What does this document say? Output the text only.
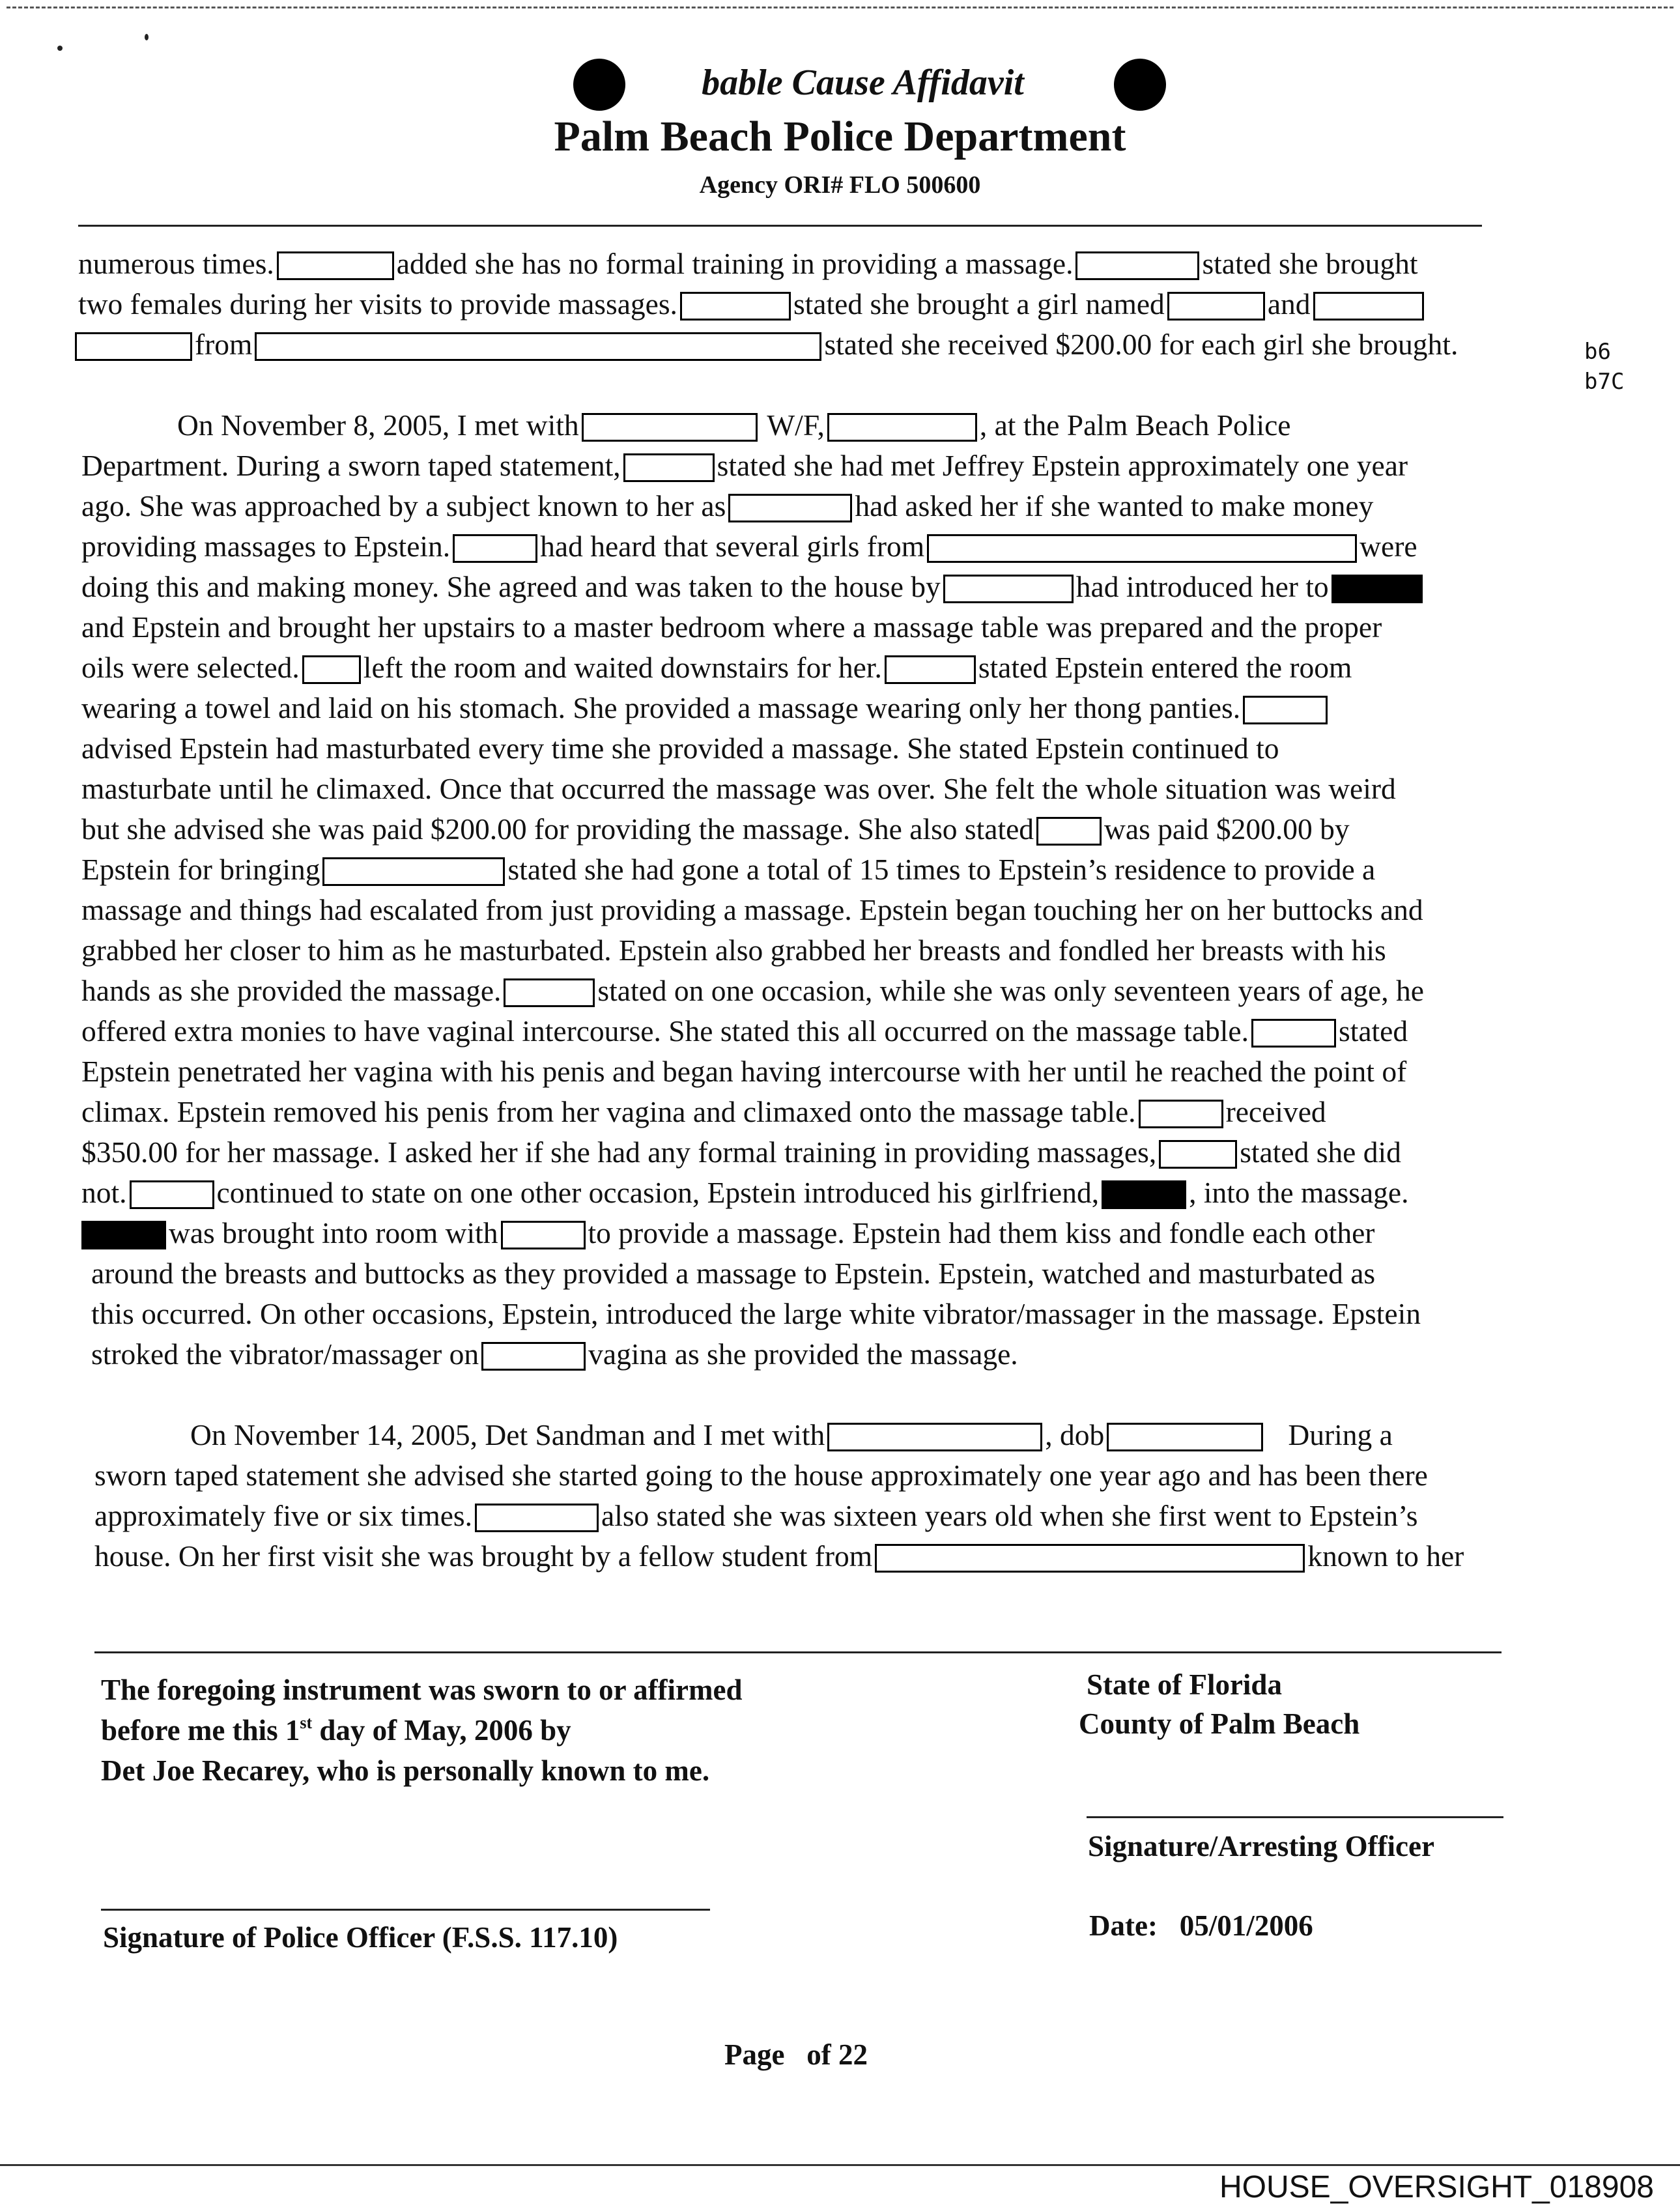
bable Cause Affidavit
Palm Beach Police Department
Agency ORI# FLO 500600
b6
b7C
numerous times.	added she has no formal training in providing a massage.	stated she brought
two females during her visits to provide massages.	stated she brought a girl named	and
from	stated she received $200.00 for each girl she brought.
On November 8, 2005, I met with	W/F,	, at the Palm Beach Police
Department. During a sworn taped statement,	stated she had met Jeffrey Epstein approximately one year
ago. She was approached by a subject known to her as	had asked her if she wanted to make money
providing massages to Epstein.	had heard that several girls from	were
doing this and making money. She agreed and was taken to the house by	had introduced her to
and Epstein and brought her upstairs to a master bedroom where a massage table was prepared and the proper
oils were selected. left the room and waited downstairs for her.	stated Epstein entered the room
wearing a towel and laid on his stomach. She provided a massage wearing only her thong panties.
advised Epstein had masturbated every time she provided a massage. She stated Epstein continued to
masturbate until he climaxed. Once that occurred the massage was over. She felt the whole situation was weird
but she advised she was paid $200.00 for providing the massage. She also stated was paid $200.00 by
Epstein for bringing	stated she had gone a total of 15 times to Epstein’s residence to provide a
massage and things had escalated from just providing a massage. Epstein began touching her on her buttocks and
grabbed her closer to him as he masturbated. Epstein also grabbed her breasts and fondled her breasts with his
hands as she provided the massage.	stated on one occasion, while she was only seventeen years of age, he
offered extra monies to have vaginal intercourse. She stated this all occurred on the massage table.	stated
Epstein penetrated her vagina with his penis and began having intercourse with her until he reached the point of
climax. Epstein removed his penis from her vagina and climaxed onto the massage table.	received
$350.00 for her massage. I asked her if she had any formal training in providing massages,	stated she did
not.	continued to state on one other occasion, Epstein introduced his girlfriend,	, into the massage.
was brought into room with	to provide a massage. Epstein had them kiss and fondle each other
around the breasts and buttocks as they provided a massage to Epstein. Epstein, watched and masturbated as
this occurred. On other occasions, Epstein, introduced the large white vibrator/massager in the massage. Epstein
stroked the vibrator/massager on	vagina as she provided the massage.
On November 14, 2005, Det Sandman and I met with	, dob	During a
sworn taped statement she advised she started going to the house approximately one year ago and has been there
approximately five or six times.	also stated she was sixteen years old when she first went to Epstein’s
house. On her first visit she was brought by a fellow student from	known to her
The foregoing instrument was sworn to or affirmed
before me this 1st day of May, 2006 by
Det Joe Recarey, who is personally known to me.
State of Florida
County of Palm Beach
Signature/Arresting Officer
Date: 05/01/2006
Signature of Police Officer (F.S.S. 117.10)
Page of 22
HOUSE_OVERSIGHT_018908
